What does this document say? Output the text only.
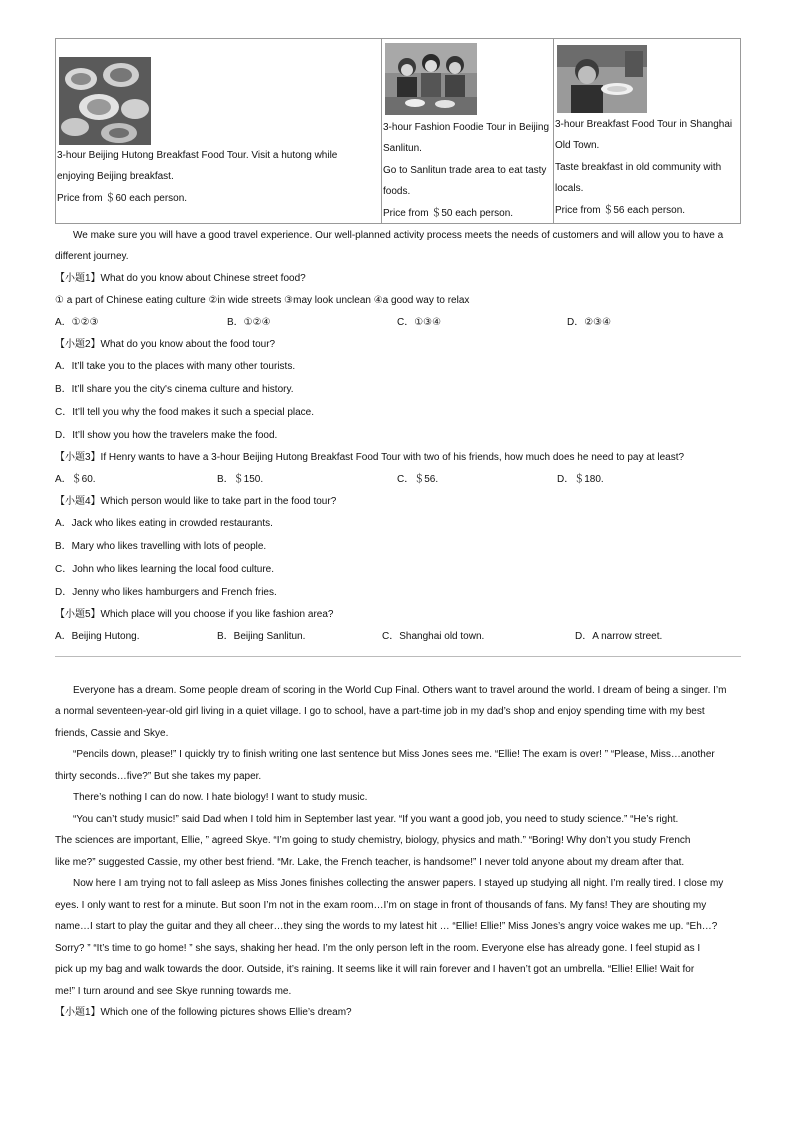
3-hour Beijing Hutong Breakfast Food Tour. Visit a hutong while
enjoying Beijing breakfast.
Price from ＄60 each person.
3-hour Fashion Foodie Tour in Beijing
Sanlitun.
Go to Sanlitun trade area to eat tasty
foods.
Price from ＄50 each person.
3-hour Breakfast Food Tour in Shanghai
Old Town.
Taste breakfast in old community with
locals.
Price from ＄56 each person.
We make sure you will have a good travel experience. Our well-planned activity process meets the needs of customers and will allow you to have a
different journey.
【小题1】What do you know about Chinese street food?
① a part of Chinese eating culture ②in wide streets ③may look unclean ④a good way to relax
A．①②③	B．①②④	C．①③④	D．②③④
【小题2】What do you know about the food tour?
A．It’ll take you to the places with many other tourists.
B．It’ll share you the city's cinema culture and history.
C．It’ll tell you why the food makes it such a special place.
D．It’ll show you how the travelers make the food.
【小题3】If Henry wants to have a 3-hour Beijing Hutong Breakfast Food Tour with two of his friends, how much does he need to pay at least?
A．＄60.	B．＄150.	C．＄56.	D．＄180.
【小题4】Which person would like to take part in the food tour?
A．Jack who likes eating in crowded restaurants.
B．Mary who likes travelling with lots of people.
C．John who likes learning the local food culture.
D．Jenny who likes hamburgers and French fries.
【小题5】Which place will you choose if you like fashion area?
A．Beijing Hutong.	B．Beijing Sanlitun.	C．Shanghai old town.	D．A narrow street.
Everyone has a dream. Some people dream of scoring in the World Cup Final. Others want to travel around the world. I dream of being a singer. I’m
a normal seventeen-year-old girl living in a quiet village. I go to school, have a part-time job in my dad’s shop and enjoy spending time with my best
friends, Cassie and Skye.
“Pencils down, please!” I quickly try to finish writing one last sentence but Miss Jones sees me. “Ellie! The exam is over! ” “Please, Miss…another
thirty seconds…five?” But she takes my paper.
There’s nothing I can do now. I hate biology! I want to study music.
“You can’t study music!” said Dad when I told him in September last year. “If you want a good job, you need to study science.” “He’s right.
The sciences are important, Ellie, ” agreed Skye. “I’m going to study chemistry, biology, physics and math.” “Boring! Why don’t you study French
like me?” suggested Cassie, my other best friend. “Mr. Lake, the French teacher, is handsome!” I never told anyone about my dream after that.
Now here I am trying not to fall asleep as Miss Jones finishes collecting the answer papers. I stayed up studying all night. I’m really tired. I close my
eyes. I only want to rest for a minute. But soon I’m not in the exam room…I’m on stage in front of thousands of fans. My fans! They are shouting my
name…I start to play the guitar and they all cheer…they sing the words to my latest hit … “Ellie! Ellie!” Miss Jones’s angry voice wakes me up. “Eh…?
Sorry? ” “It’s time to go home! ” she says, shaking her head. I’m the only person left in the room. Everyone else has already gone. I feel stupid as I
pick up my bag and walk towards the door. Outside, it’s raining. It seems like it will rain forever and I haven’t got an umbrella. “Ellie! Ellie! Wait for
me!” I turn around and see Skye running towards me.
【小题1】Which one of the following pictures shows Ellie’s dream?
